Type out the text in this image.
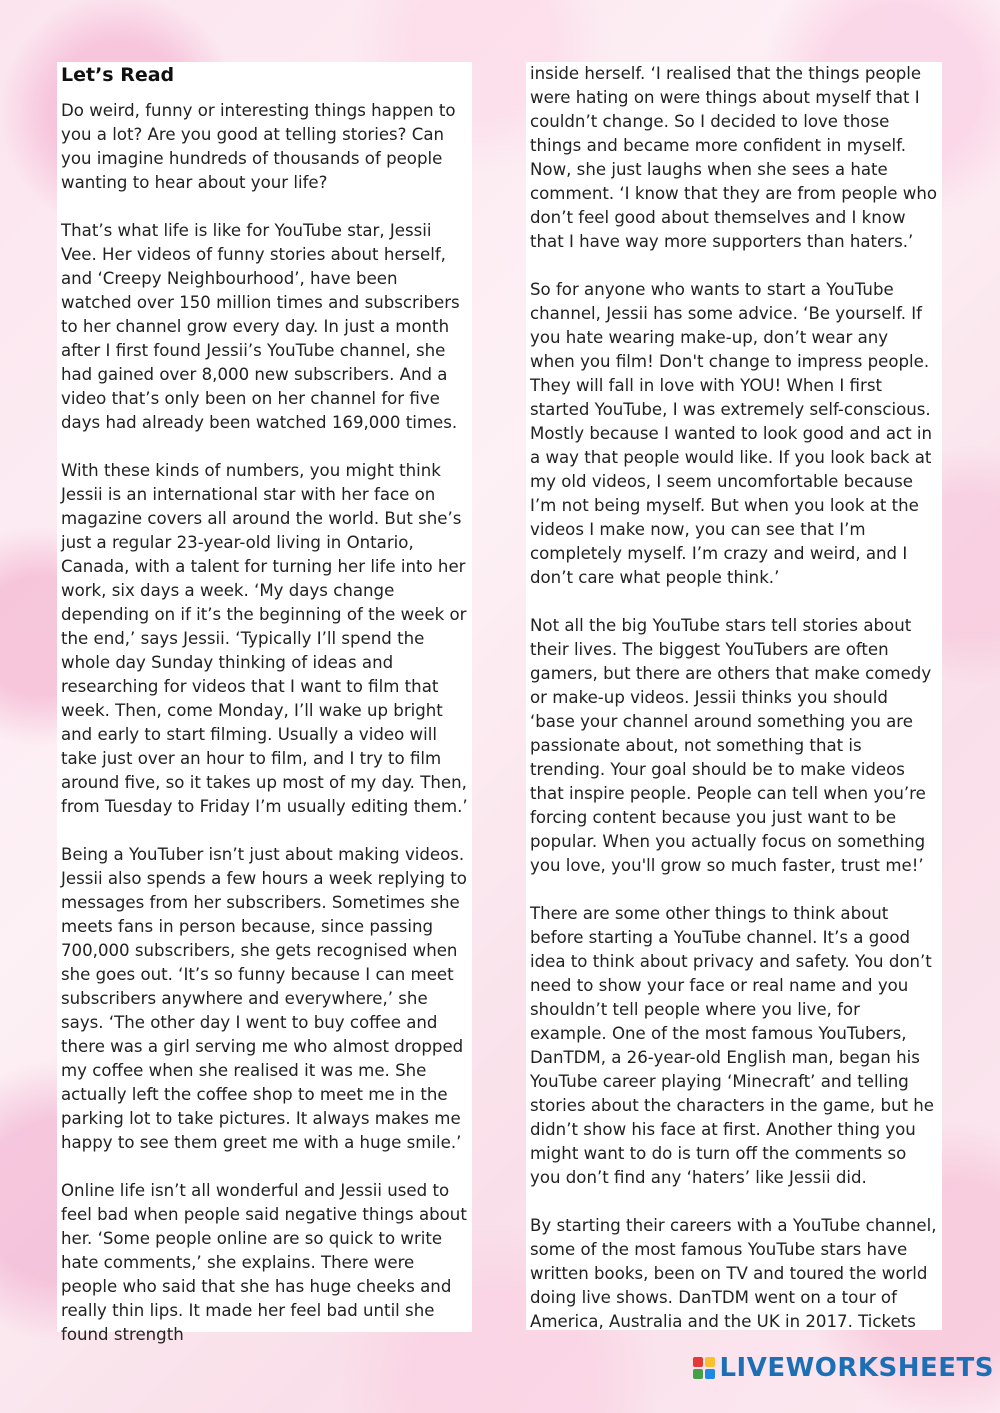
Let’s Read

Do weird, funny or interesting things happen to you a lot? Are you good at telling stories? Can you imagine hundreds of thousands of people wanting to hear about your life?

That’s what life is like for YouTube star, Jessii Vee. Her videos of funny stories about herself, and ‘Creepy Neighbourhood’, have been watched over 150 million times and subscribers to her channel grow every day. In just a month after I first found Jessii’s YouTube channel, she had gained over 8,000 new subscribers. And a video that’s only been on her channel for five days had already been watched 169,000 times.

With these kinds of numbers, you might think Jessii is an international star with her face on magazine covers all around the world. But she’s just a regular 23-year-old living in Ontario, Canada, with a talent for turning her life into her work, six days a week. ‘My days change depending on if it’s the beginning of the week or the end,’ says Jessii. ‘Typically I’ll spend the whole day Sunday thinking of ideas and researching for videos that I want to film that week. Then, come Monday, I’ll wake up bright and early to start filming. Usually a video will take just over an hour to film, and I try to film around five, so it takes up most of my day. Then, from Tuesday to Friday I’m usually editing them.’

Being a YouTuber isn’t just about making videos. Jessii also spends a few hours a week replying to messages from her subscribers. Sometimes she meets fans in person because, since passing 700,000 subscribers, she gets recognised when she goes out. ‘It’s so funny because I can meet subscribers anywhere and everywhere,’ she says. ‘The other day I went to buy coffee and there was a girl serving me who almost dropped my coffee when she realised it was me. She actually left the coffee shop to meet me in the parking lot to take pictures. It always makes me happy to see them greet me with a huge smile.’

Online life isn’t all wonderful and Jessii used to feel bad when people said negative things about her. ‘Some people online are so quick to write hate comments,’ she explains. There were people who said that she has huge cheeks and really thin lips. It made her feel bad until she found strength

inside herself. ‘I realised that the things people were hating on were things about myself that I couldn’t change. So I decided to love those things and became more confident in myself. Now, she just laughs when she sees a hate comment. ‘I know that they are from people who don’t feel good about themselves and I know that I have way more supporters than haters.’

So for anyone who wants to start a YouTube channel, Jessii has some advice. ‘Be yourself. If you hate wearing make-up, don’t wear any when you film! Don't change to impress people. They will fall in love with YOU! When I first started YouTube, I was extremely self-conscious. Mostly because I wanted to look good and act in a way that people would like. If you look back at my old videos, I seem uncomfortable because I’m not being myself. But when you look at the videos I make now, you can see that I’m completely myself. I’m crazy and weird, and I don’t care what people think.’

Not all the big YouTube stars tell stories about their lives. The biggest YouTubers are often gamers, but there are others that make comedy or make-up videos. Jessii thinks you should ‘base your channel around something you are passionate about, not something that is trending. Your goal should be to make videos that inspire people. People can tell when you’re forcing content because you just want to be popular. When you actually focus on something you love, you'll grow so much faster, trust me!’

There are some other things to think about before starting a YouTube channel. It’s a good idea to think about privacy and safety. You don’t need to show your face or real name and you shouldn’t tell people where you live, for example. One of the most famous YouTubers, DanTDM, a 26-year-old English man, began his YouTube career playing ‘Minecraft’ and telling stories about the characters in the game, but he didn’t show his face at first. Another thing you might want to do is turn off the comments so you don’t find any ‘haters’ like Jessii did.

By starting their careers with a YouTube channel, some of the most famous YouTube stars have written books, been on TV and toured the world doing live shows. DanTDM went on a tour of America, Australia and the UK in 2017. Tickets

LIVEWORKSHEETS
